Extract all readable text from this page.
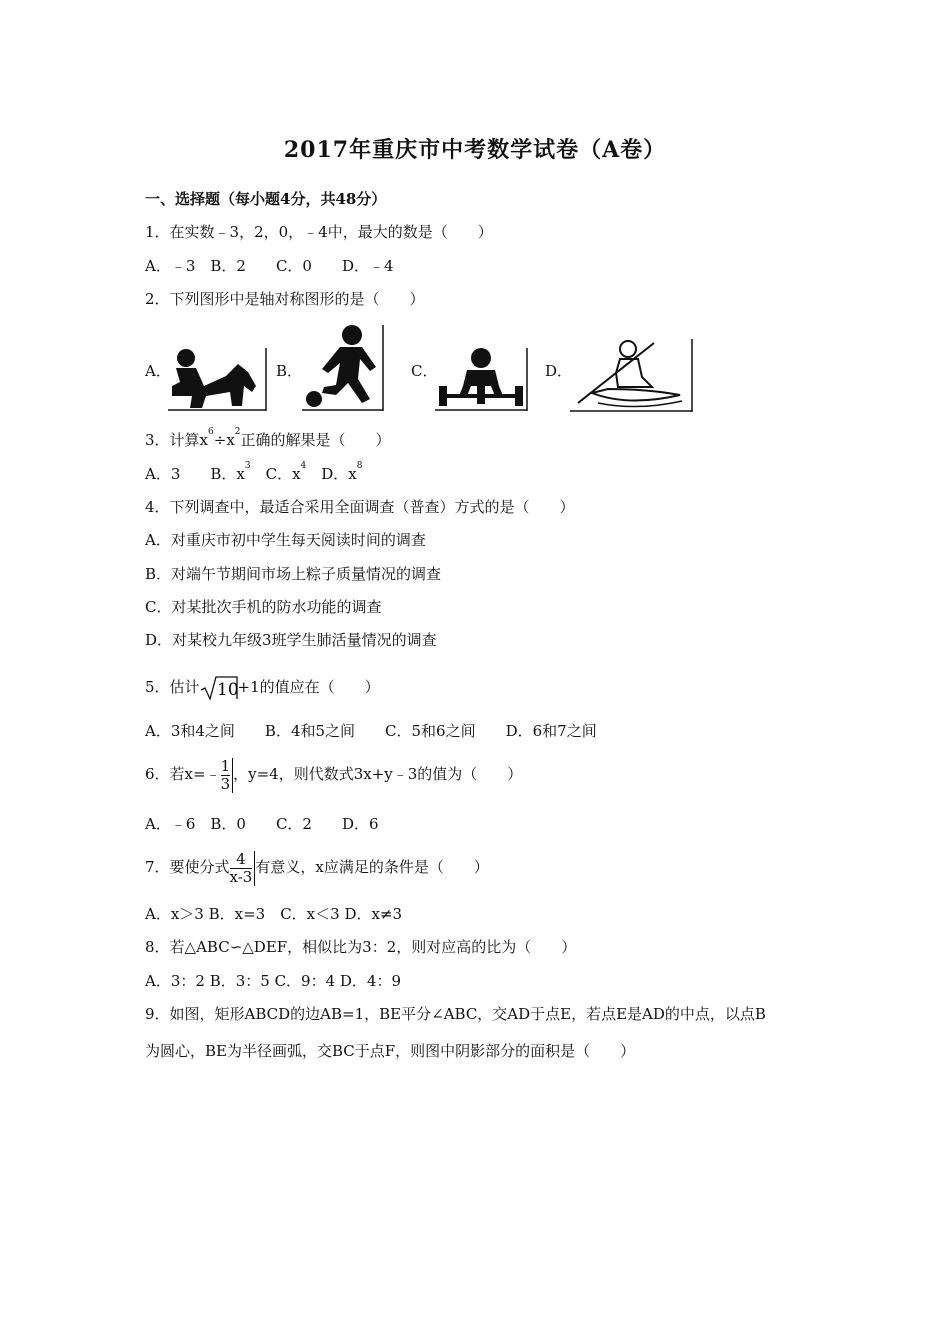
2017年重庆市中考数学试卷（A卷）
一、选择题（每小题4分，共48分）
1．在实数﹣3，2，0，﹣4中，最大的数是（　　）
A．﹣3　B．2　　C．0　　D．﹣4
2．下列图形中是轴对称图形的是（　　）
A．	B．	C．	D．
3．计算$x^6\div x^2$正确的解果是（　　）
A．3　　B．$x^3$　C．$x^4$　D．$x^8$
4．下列调查中，最适合采用全面调查（普查）方式的是（　　）
A．对重庆市初中学生每天阅读时间的调查
B．对端午节期间市场上粽子质量情况的调查
C．对某批次手机的防水功能的调查
D．对某校九年级3班学生肺活量情况的调查
5．估计 10 +1的值应在（　　）
A．3和4之间　　B．4和5之间　　C．5和6之间　　D．6和7之间
6．若x=﹣ $\frac{1}{3}$ ，y=4，则代数式3x+y﹣3的值为（　　）
A．﹣6　B．0　　C．2　　D．6
7．要使分式 $\frac{4}{x-3}$ 有意义，x应满足的条件是（　　）
A．x＞3 B．x=3　C．x＜3 D．x≠3
8．若△ABC∽△DEF，相似比为3：2，则对应高的比为（　　）
A．3：2 B．3：5 C．9：4 D．4：9
9．如图，矩形ABCD的边AB=1，BE平分∠ABC，交AD于点E，若点E是AD的中点，以点B
为圆心，BE为半径画弧，交BC于点F，则图中阴影部分的面积是（　　）
